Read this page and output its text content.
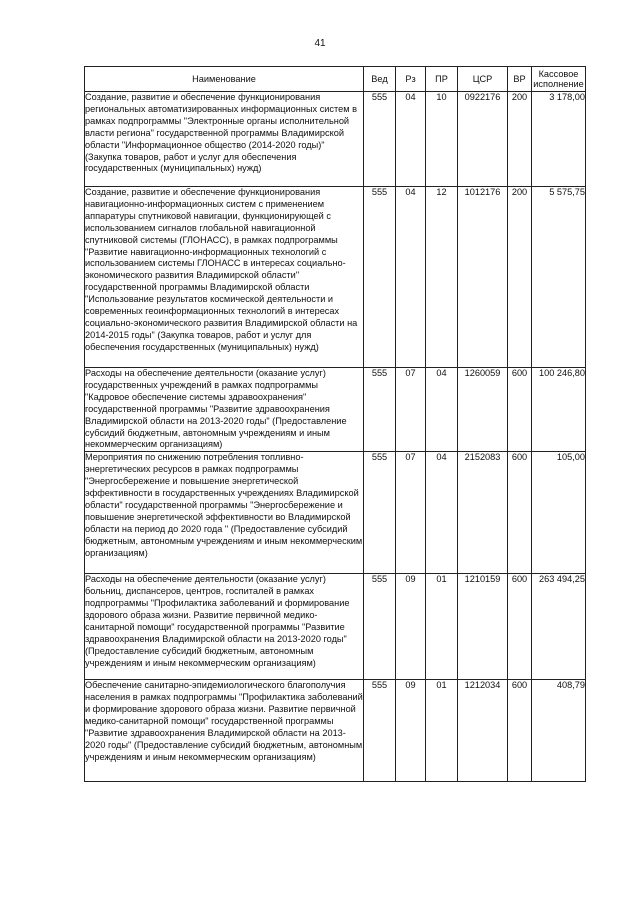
41
Наименование	Вед	Рз	ПР	ЦСР	ВР	Кассовое исполнение
Создание, развитие и обеспечение функционирования региональных автоматизированных информационных систем в рамках подпрограммы "Электронные органы исполнительной власти региона" государственной программы Владимирской области "Информационное общество (2014-2020 годы)" (Закупка товаров, работ и услуг для обеспечения государственных (муниципальных) нужд)	555	04	10	0922176	200	3 178,00
Создание, развитие и обеспечение функционирования навигационно-информационных систем с применением аппаратуры спутниковой навигации, функционирующей с использованием сигналов глобальной навигационной спутниковой системы (ГЛОНАСС), в рамках подпрограммы "Развитие навигационно-информационных технологий с использованием системы ГЛОНАСС в интересах социально-экономического развития Владимирской области" государственной программы Владимирской области "Использование результатов космической деятельности и современных геоинформационных технологий в интересах социально-экономического развития Владимирской области на 2014-2015 годы" (Закупка товаров, работ и услуг для обеспечения государственных (муниципальных) нужд)	555	04	12	1012176	200	5 575,75
Расходы на обеспечение деятельности (оказание услуг) государственных учреждений в рамках подпрограммы "Кадровое обеспечение системы здравоохранения" государственной программы "Развитие здравоохранения Владимирской области на 2013-2020 годы" (Предоставление субсидий бюджетным, автономным учреждениям и иным некоммерческим организациям)	555	07	04	1260059	600	100 246,80
Мероприятия по снижению потребления топливно-энергетических ресурсов в рамках подпрограммы "Энергосбережение и повышение энергетической эффективности в государственных учреждениях Владимирской области" государственной программы "Энергосбережение и повышение энергетической эффективности во Владимирской области на период до 2020 года " (Предоставление субсидий бюджетным, автономным учреждениям и иным некоммерческим организациям)	555	07	04	2152083	600	105,00
Расходы на обеспечение деятельности (оказание услуг) больниц, диспансеров, центров, госпиталей в рамках подпрограммы "Профилактика заболеваний и формирование здорового образа жизни. Развитие первичной медико-санитарной помощи" государственной программы "Развитие здравоохранения Владимирской области на 2013-2020 годы" (Предоставление субсидий бюджетным, автономным учреждениям и иным некоммерческим организациям)	555	09	01	1210159	600	263 494,25
Обеспечение санитарно-эпидемиологического благополучия населения в рамках подпрограммы "Профилактика заболеваний и формирование здорового образа жизни. Развитие первичной медико-санитарной помощи" государственной программы "Развитие здравоохранения Владимирской области на 2013-2020 годы" (Предоставление субсидий бюджетным, автономным учреждениям и иным некоммерческим организациям)	555	09	01	1212034	600	408,79
